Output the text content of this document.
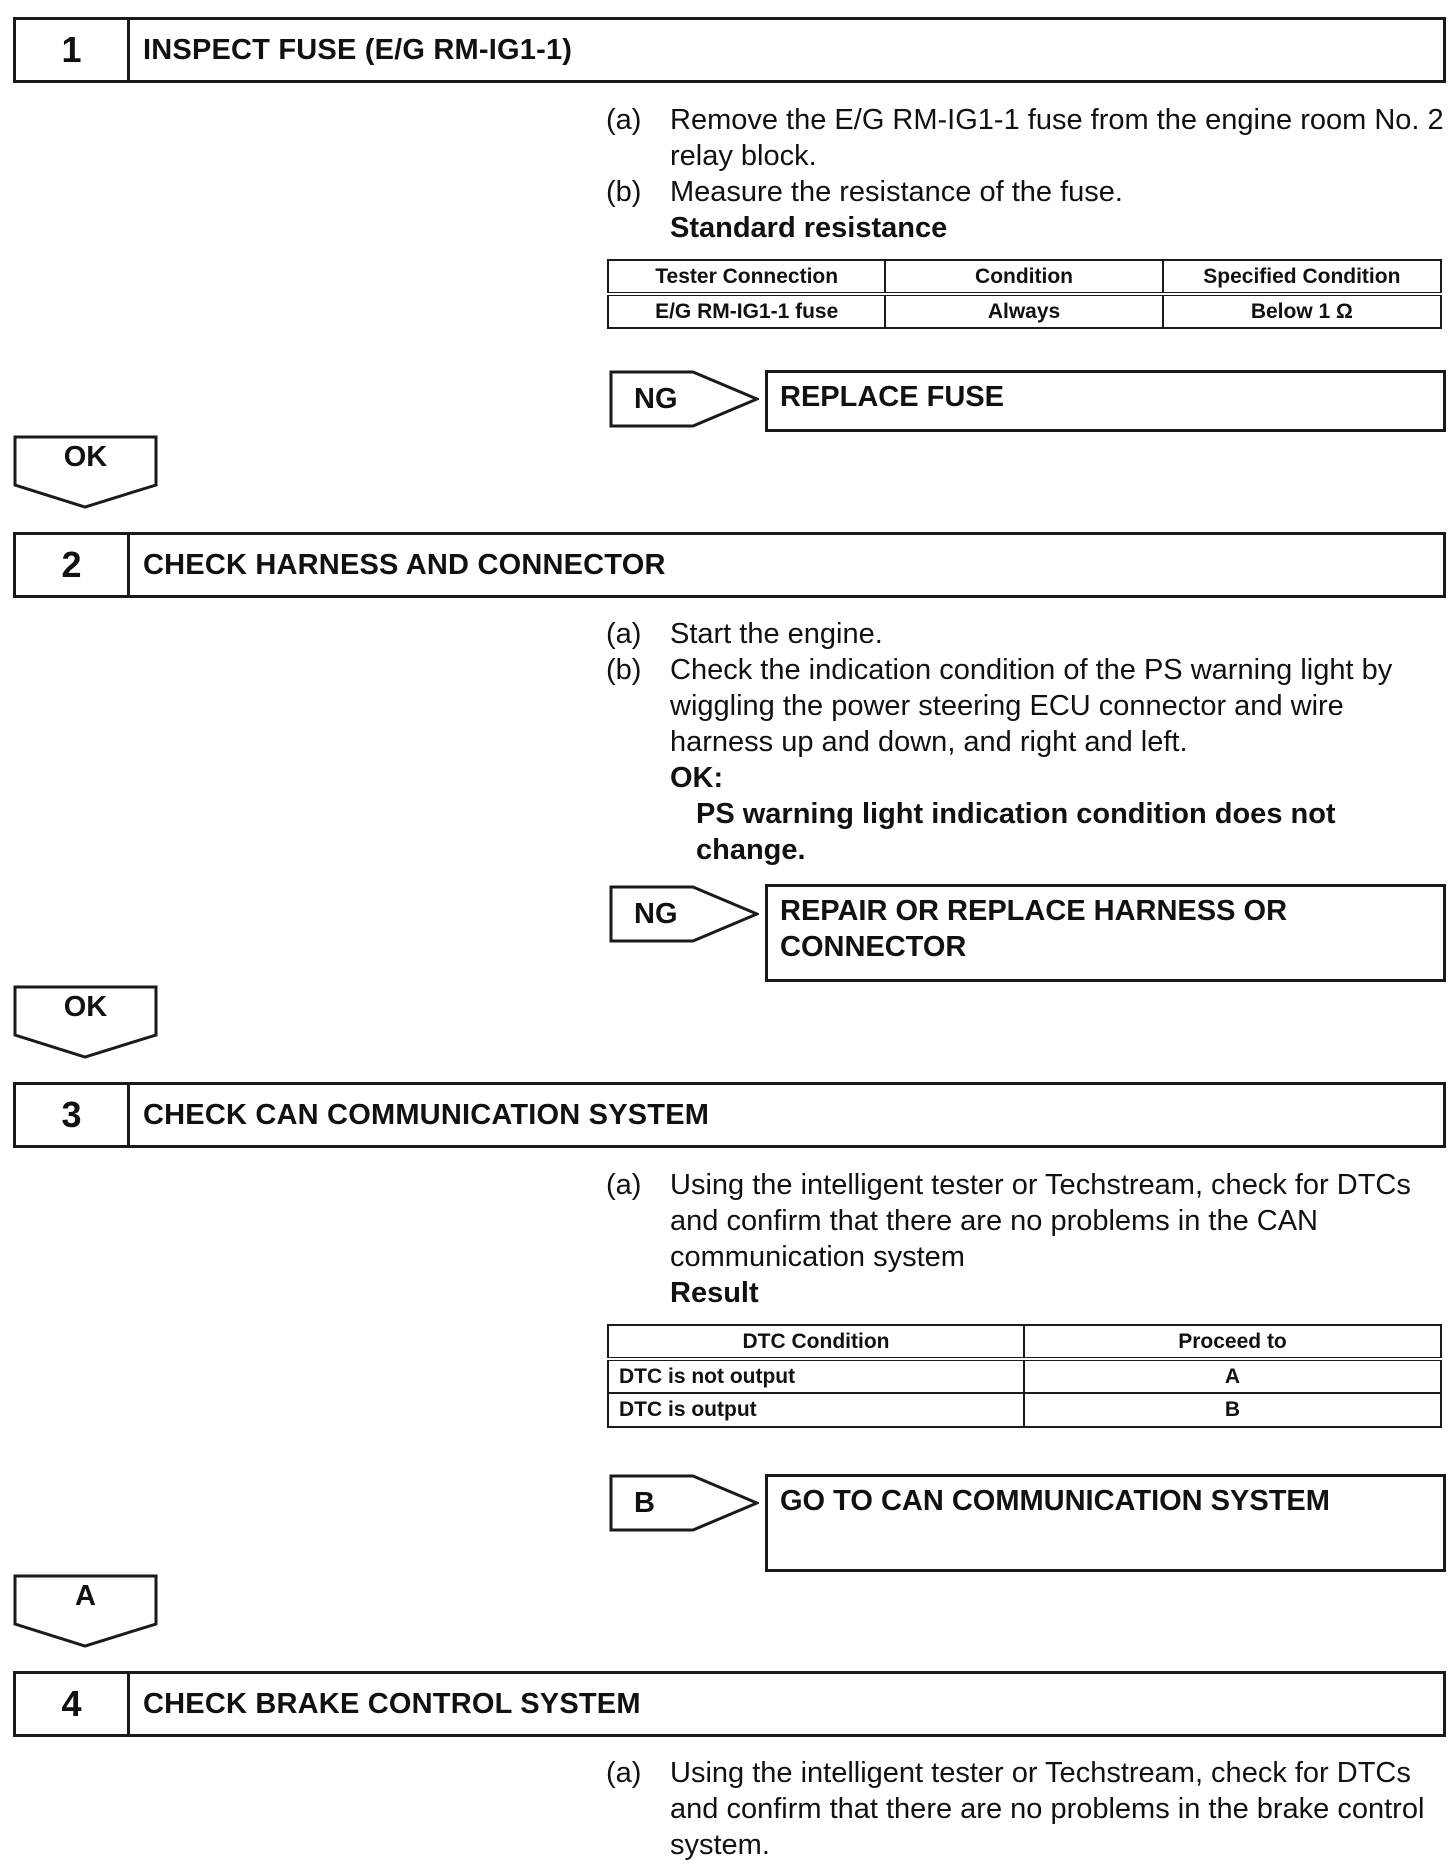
1	INSPECT FUSE (E/G RM-IG1-1)
(a) Remove the E/G RM-IG1-1 fuse from the engine room No. 2 relay block.
(b) Measure the resistance of the fuse.
Standard resistance
Tester Connection	Condition	Specified Condition
E/G RM-IG1-1 fuse	Always	Below 1 Ω
NG	REPLACE FUSE
OK
2	CHECK HARNESS AND CONNECTOR
(a) Start the engine.
(b) Check the indication condition of the PS warning light by wiggling the power steering ECU connector and wire harness up and down, and right and left.
OK:
PS warning light indication condition does not change.
NG	REPAIR OR REPLACE HARNESS OR CONNECTOR
OK
3	CHECK CAN COMMUNICATION SYSTEM
(a) Using the intelligent tester or Techstream, check for DTCs and confirm that there are no problems in the CAN communication system
Result
DTC Condition	Proceed to
DTC is not output	A
DTC is output	B
B	GO TO CAN COMMUNICATION SYSTEM
A
4	CHECK BRAKE CONTROL SYSTEM
(a) Using the intelligent tester or Techstream, check for DTCs and confirm that there are no problems in the brake control system.
